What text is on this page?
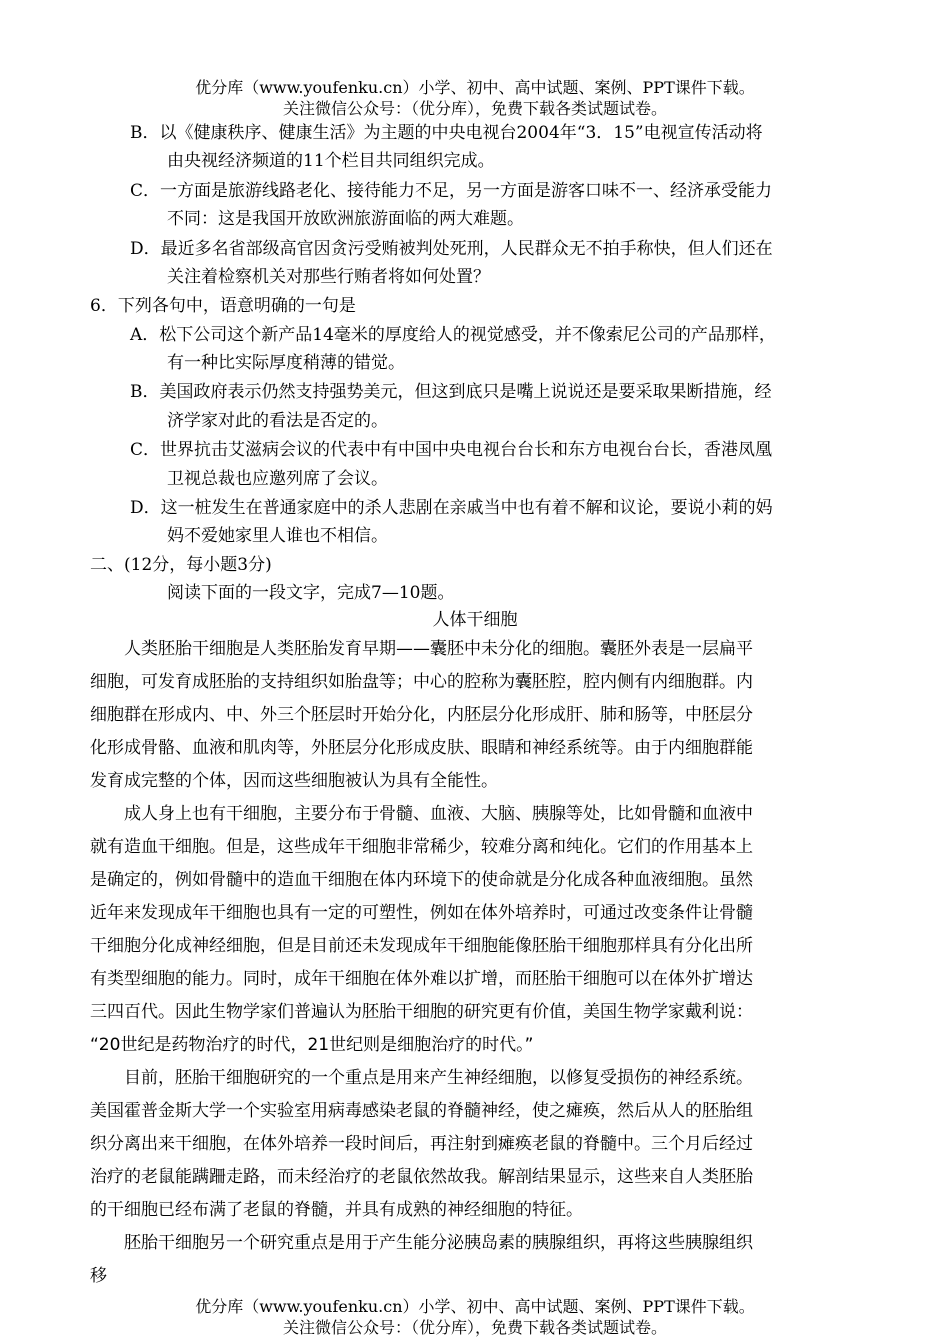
优分库（www.youfenku.cn）小学、初中、高中试题、案例、PPT课件下载。
关注微信公众号：（优分库），免费下载各类试题试卷。
B．以《健康秩序、健康生活》为主题的中央电视台2004年“3．15”电视宣传活动将
由央视经济频道的11个栏目共同组织完成。
C．一方面是旅游线路老化、接待能力不足，另一方面是游客口味不一、经济承受能力
不同：这是我国开放欧洲旅游面临的两大难题。
D．最近多名省部级高官因贪污受贿被判处死刑，人民群众无不拍手称快，但人们还在
关注着检察机关对那些行贿者将如何处置？
6．下列各句中，语意明确的一句是
A．松下公司这个新产品14毫米的厚度给人的视觉感受，并不像索尼公司的产品那样，
有一种比实际厚度稍薄的错觉。
B．美国政府表示仍然支持强势美元，但这到底只是嘴上说说还是要采取果断措施，经
济学家对此的看法是否定的。
C．世界抗击艾滋病会议的代表中有中国中央电视台台长和东方电视台台长，香港凤凰
卫视总裁也应邀列席了会议。
D．这一桩发生在普通家庭中的杀人悲剧在亲戚当中也有着不解和议论，要说小莉的妈
妈不爱她家里人谁也不相信。
二、(12分，每小题3分)
阅读下面的一段文字，完成7—10题。
人体干细胞
　　人类胚胎干细胞是人类胚胎发育早期——囊胚中未分化的细胞。囊胚外表是一层扁平
细胞，可发育成胚胎的支持组织如胎盘等；中心的腔称为囊胚腔，腔内侧有内细胞群。内
细胞群在形成内、中、外三个胚层时开始分化，内胚层分化形成肝、肺和肠等，中胚层分
化形成骨骼、血液和肌肉等，外胚层分化形成皮肤、眼睛和神经系统等。由于内细胞群能
发育成完整的个体，因而这些细胞被认为具有全能性。
　　成人身上也有干细胞，主要分布于骨髓、血液、大脑、胰腺等处，比如骨髓和血液中
就有造血干细胞。但是，这些成年干细胞非常稀少，较难分离和纯化。它们的作用基本上
是确定的，例如骨髓中的造血干细胞在体内环境下的使命就是分化成各种血液细胞。虽然
近年来发现成年干细胞也具有一定的可塑性，例如在体外培养时，可通过改变条件让骨髓
干细胞分化成神经细胞，但是目前还未发现成年干细胞能像胚胎干细胞那样具有分化出所
有类型细胞的能力。同时，成年干细胞在体外难以扩增，而胚胎干细胞可以在体外扩增达
三四百代。因此生物学家们普遍认为胚胎干细胞的研究更有价值，美国生物学家戴利说：
“20世纪是药物治疗的时代，21世纪则是细胞治疗的时代。”
　　目前，胚胎干细胞研究的一个重点是用来产生神经细胞，以修复受损伤的神经系统。
美国霍普金斯大学一个实验室用病毒感染老鼠的脊髓神经，使之瘫痪，然后从人的胚胎组
织分离出来干细胞，在体外培养一段时间后，再注射到瘫痪老鼠的脊髓中。三个月后经过
治疗的老鼠能蹒跚走路，而未经治疗的老鼠依然故我。解剖结果显示，这些来自人类胚胎
的干细胞已经布满了老鼠的脊髓，并具有成熟的神经细胞的特征。
　　胚胎干细胞另一个研究重点是用于产生能分泌胰岛素的胰腺组织，再将这些胰腺组织
移
优分库（www.youfenku.cn）小学、初中、高中试题、案例、PPT课件下载。
关注微信公众号：（优分库），免费下载各类试题试卷。
